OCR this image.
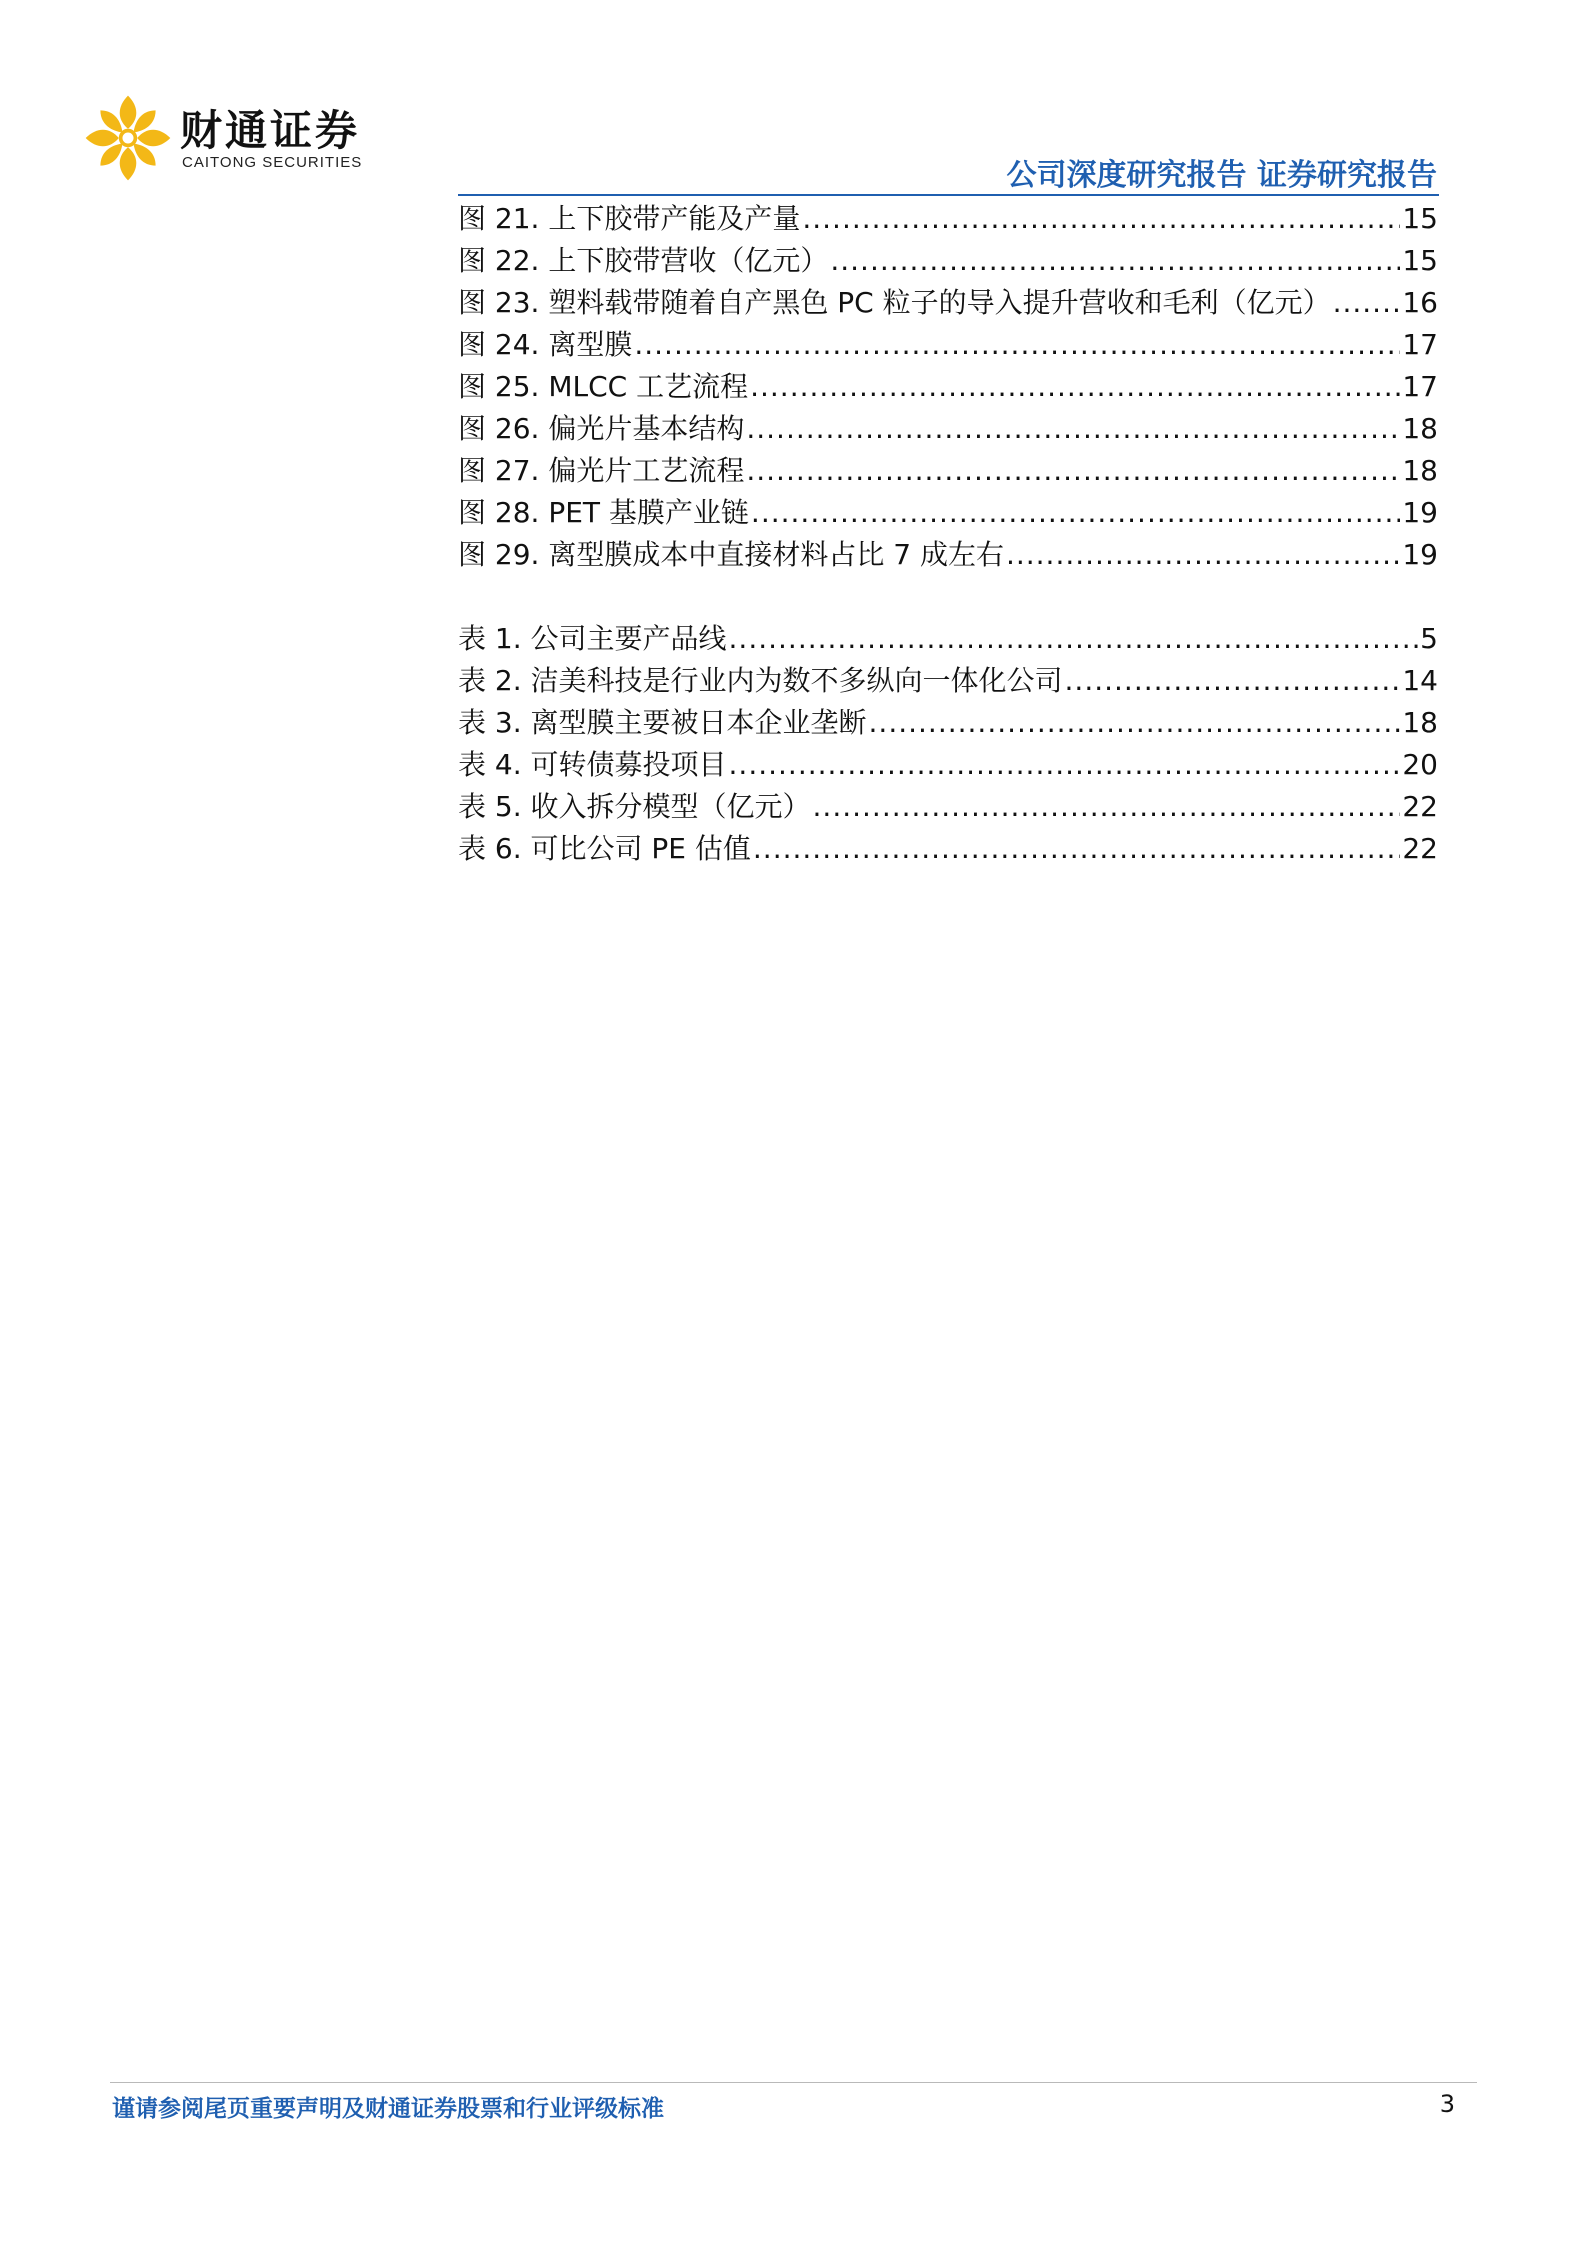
财通证券
CAITONG SECURITIES	公司深度研究报告 证券研究报告
图 21. 上下胶带产能及产量 .....	15
图 22. 上下胶带营收（亿元） .....	15
图 23. 塑料载带随着自产黑色 PC 粒子的导入提升营收和毛利（亿元） .....	16
图 24. 离型膜 .....	17
图 25. MLCC 工艺流程 .....	17
图 26. 偏光片基本结构 .....	18
图 27. 偏光片工艺流程 .....	18
图 28. PET 基膜产业链 .....	19
图 29. 离型膜成本中直接材料占比 7 成左右 .....	19
表 1. 公司主要产品线 .....	5
表 2. 洁美科技是行业内为数不多纵向一体化公司 .....	14
表 3. 离型膜主要被日本企业垄断 .....	18
表 4. 可转债募投项目 .....	20
表 5. 收入拆分模型（亿元） .....	22
表 6. 可比公司 PE 估值 .....	22
谨请参阅尾页重要声明及财通证券股票和行业评级标准	3
